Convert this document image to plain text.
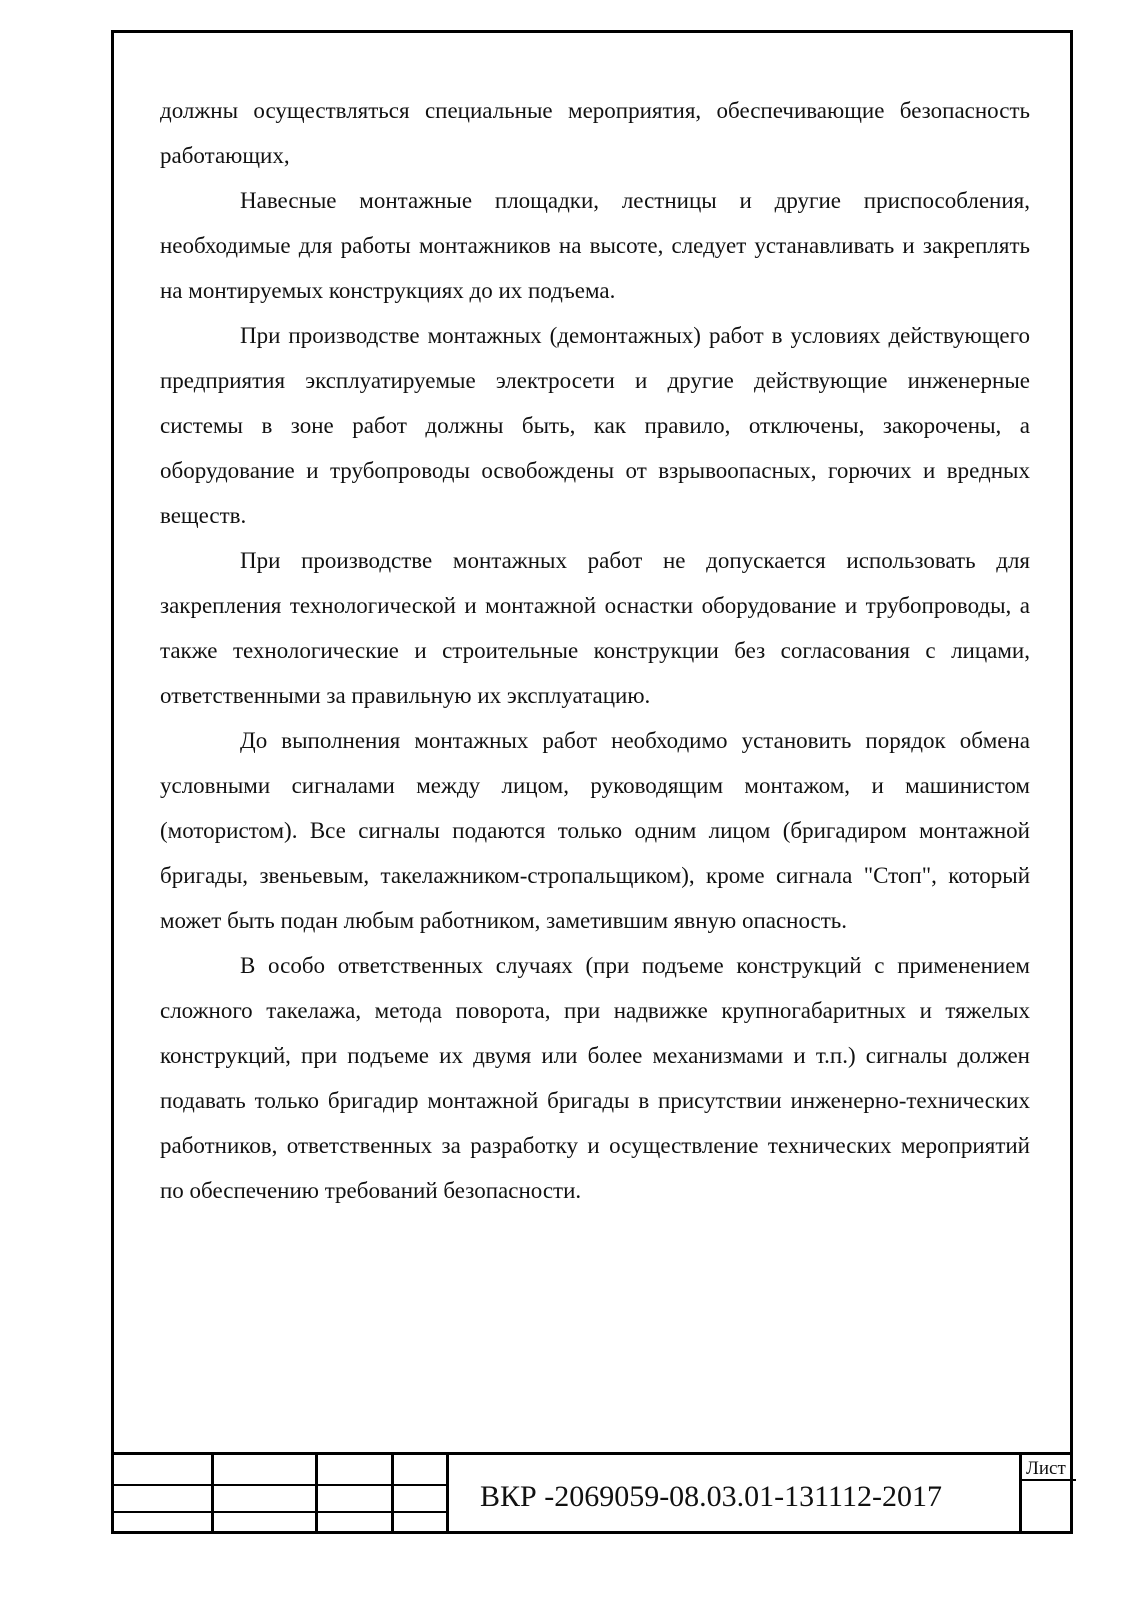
должны осуществляться специальные мероприятия, обеспечивающие безопасность работающих,

Навесные монтажные площадки, лестницы и другие приспособления, необходимые для работы монтажников на высоте, следует устанавливать и закреплять на монтируемых конструкциях до их подъема.

При производстве монтажных (демонтажных) работ в условиях действующего предприятия эксплуатируемые электросети и другие действующие инженерные системы в зоне работ должны быть, как правило, отключены, закорочены, а оборудование и трубопроводы освобождены от взрывоопасных, горючих и вредных веществ.

При производстве монтажных работ не допускается использовать для закрепления технологической и монтажной оснастки оборудование и трубопроводы, а также технологические и строительные конструкции без согласования с лицами, ответственными за правильную их эксплуатацию.

До выполнения монтажных работ необходимо установить порядок обмена условными сигналами между лицом, руководящим монтажом, и машинистом (мотористом). Все сигналы подаются только одним лицом (бригадиром монтажной бригады, звеньевым, такелажником-стропальщиком), кроме сигнала "Стоп", который может быть подан любым работником, заметившим явную опасность.

В особо ответственных случаях (при подъеме конструкций с применением сложного такелажа, метода поворота, при надвижке крупногабаритных и тяжелых конструкций, при подъеме их двумя или более механизмами и т.п.) сигналы должен подавать только бригадир монтажной бригады в присутствии инженерно-технических работников, ответственных за разработку и осуществление технических мероприятий по обеспечению требований безопасности.

ВКР -2069059-08.03.01-131112-2017
Лист
